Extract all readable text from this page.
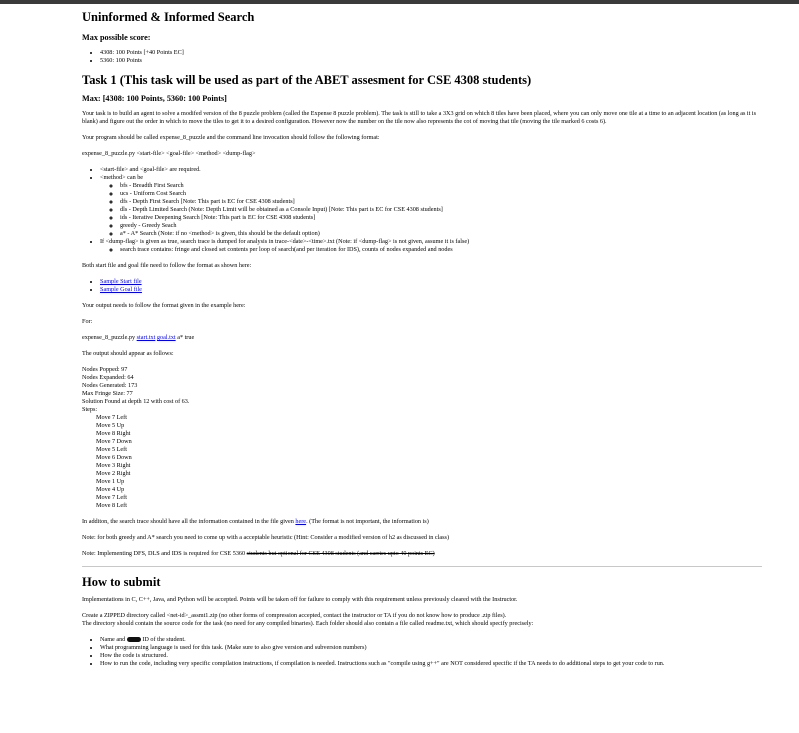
Uninformed & Informed Search
Max possible score:
• 4308: 100 Points [+40 Points EC]
• 5360: 100 Points
Task 1 (This task will be used as part of the ABET assesment for CSE 4308 students)
Max: [4308: 100 Points, 5360: 100 Points]

Your task is to build an agent to solve a modifed version of the 8 puzzle problem (called the Expense 8 puzzle problem). The task is still to take a 3X3 grid on which 8 tiles have been placed, where you can only move one tile at a time to an adjacent location (as long as it is blank) and figure out the order in which to move the tiles to get it to a desired configuration. However now the number on the tile now also represents the cot of moving that tile (moving the tile marked 6 costs 6).

Your program should be called expense_8_puzzle and the command line invocation should follow the following format:

expense_8_puzzle.py <start-file> <goal-file> <method> <dump-flag>

• <start-file> and <goal-file> are required.
• <method> can be
◦ bfs - Breadth First Search
◦ ucs - Uniform Cost Search
◦ dfs - Depth First Search [Note: This part is EC for CSE 4308 students]
◦ dls - Depth Limited Search (Note: Depth Limit will be obtained as a Console Input) [Note: This part is EC for CSE 4308 students]
◦ ids - Iterative Deepening Search [Note: This part is EC for CSE 4308 students]
◦ greedy - Greedy Seach
◦ a* - A* Search (Note: if no <method> is given, this should be the default option)
• If <dump-flag> is given as true, search trace is dumped for analysis in trace-<date>-<time>.txt (Note: if <dump-flag> is not given, assume it is false)
◦ search trace contains: fringe and closed set contents per loop of search(and per iteration for IDS), counts of nodes expanded and nodes

Both start file and goal file need to follow the format as shown here:

• Sample Start file
• Sample Goal file

Your output needs to follow the format given in the example here:

For:

expense_8_puzzle.py start.txt goal.txt a* true

The output should appear as follows:

Nodes Popped: 97
Nodes Expanded: 64
Nodes Generated: 173
Max Fringe Size: 77
Solution Found at depth 12 with cost of 63.
Steps:
Move 7 Left
Move 5 Up
Move 8 Right
Move 7 Down
Move 5 Left
Move 6 Down
Move 3 Right
Move 2 Right
Move 1 Up
Move 4 Up
Move 7 Left
Move 8 Left

In additon, the search trace should have all the information contained in the file given here. (The format is not important, the information is)

Note: for both greedy and A* search you need to come up with a acceptable heuristic (Hint: Consider a modified version of h2 as discussed in class)

Note: Implementing DFS, DLS and IDS is required for CSE 5360 students but optional for CSE 4308 students (and carries upto 40 points EC)

How to submit

Implementations in C, C++, Java, and Python will be accepted. Points will be taken off for failure to comply with this requirement unless previously cleared with the Instructor.

Create a ZIPPED directory called <net-id>_assmt1.zip (no other forms of compression accepted, contact the instructor or TA if you do not know how to produce .zip files).
The directory should contain the source code for the task (no need for any compiled binaries). Each folder should also contain a file called readme.txt, which should specify precisely:

• Name and  ID of the student.
• What programming language is used for this task. (Make sure to also give version and subversion numbers)
• How the code is structured.
• How to run the code, including very specific compilation instructions, if compilation is needed. Instructions such as "compile using g++" are NOT considered specific if the TA needs to do additional steps to get your code to run.
